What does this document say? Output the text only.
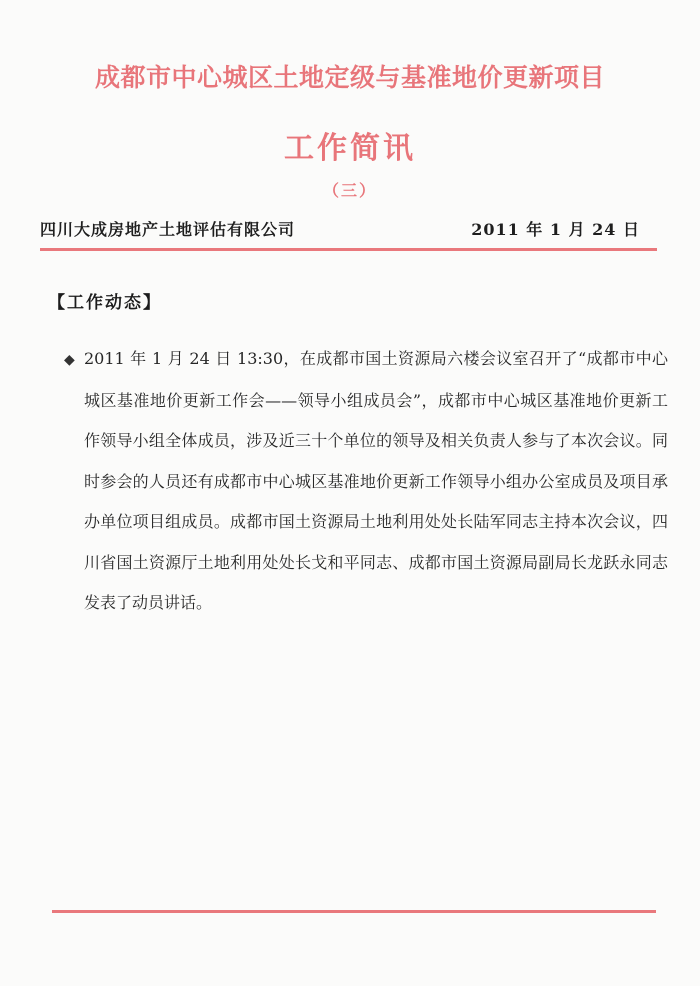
成都市中心城区土地定级与基准地价更新项目
工作简讯
（三）
四川大成房地产土地评估有限公司	2011 年 1 月 24 日
【工作动态】

◆ 2011 年 1 月 24 日 13:30，在成都市国土资源局六楼会议室召开了“成都市中心城区基准地价更新工作会——领导小组成员会”，成都市中心城区基准地价更新工作领导小组全体成员，涉及近三十个单位的领导及相关负责人参与了本次会议。同时参会的人员还有成都市中心城区基准地价更新工作领导小组办公室成员及项目承办单位项目组成员。成都市国土资源局土地利用处处长陆军同志主持本次会议，四川省国土资源厅土地利用处处长戈和平同志、成都市国土资源局副局长龙跃永同志发表了动员讲话。
